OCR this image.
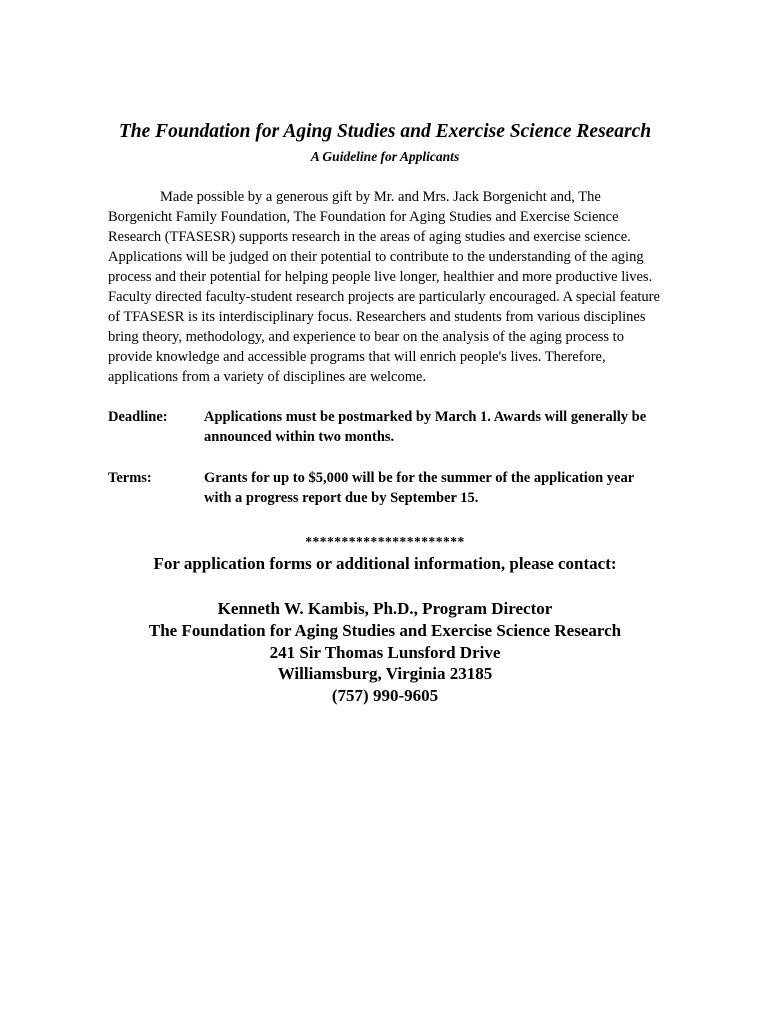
The Foundation for Aging Studies and Exercise Science Research
A Guideline for Applicants

Made possible by a generous gift by Mr. and Mrs. Jack Borgenicht and, The Borgenicht Family Foundation, The Foundation for Aging Studies and Exercise Science Research (TFASESR) supports research in the areas of aging studies and exercise science. Applications will be judged on their potential to contribute to the understanding of the aging process and their potential for helping people live longer, healthier and more productive lives. Faculty directed faculty-student research projects are particularly encouraged. A special feature of TFASESR is its interdisciplinary focus. Researchers and students from various disciplines bring theory, methodology, and experience to bear on the analysis of the aging process to provide knowledge and accessible programs that will enrich people's lives. Therefore, applications from a variety of disciplines are welcome.

Deadline:	Applications must be postmarked by March 1. Awards will generally be announced within two months.
Terms:	Grants for up to $5,000 will be for the summer of the application year with a progress report due by September 15.
**********************
For application forms or additional information, please contact:
Kenneth W. Kambis, Ph.D., Program Director
The Foundation for Aging Studies and Exercise Science Research
241 Sir Thomas Lunsford Drive
Williamsburg, Virginia 23185
(757) 990-9605
